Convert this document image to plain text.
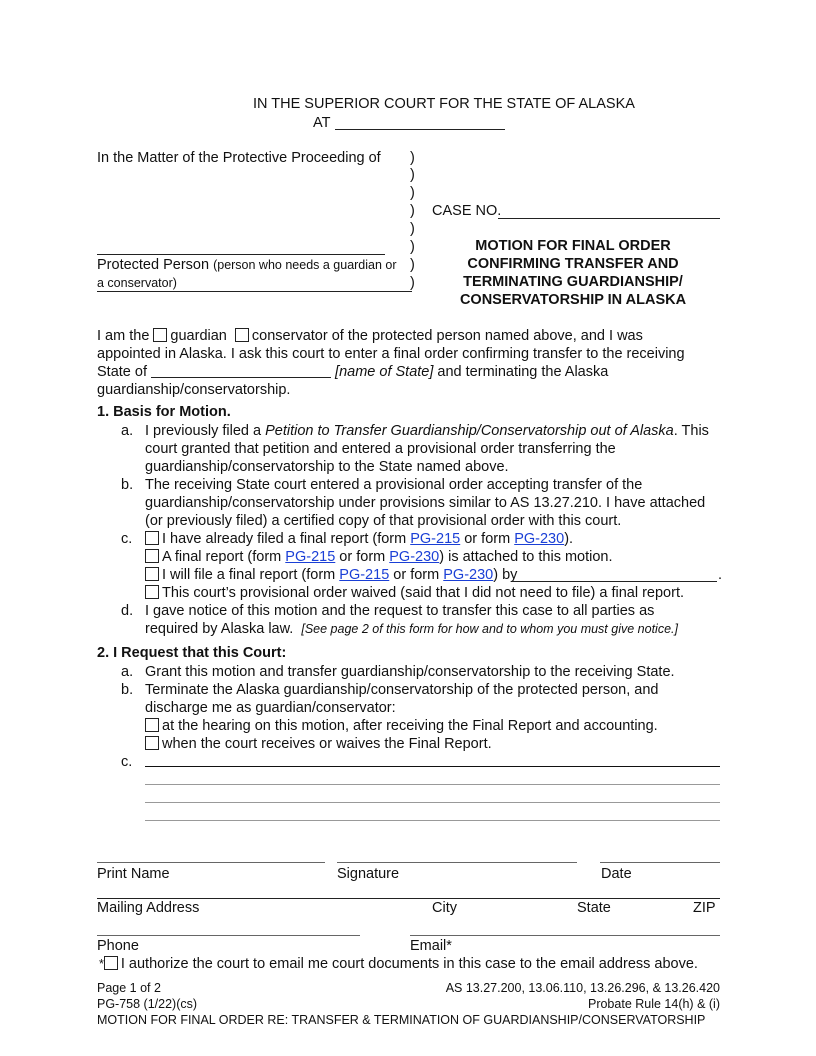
IN THE SUPERIOR COURT FOR THE STATE OF ALASKA
AT
In the Matter of the Protective Proceeding of )
)
)
)
)
)
)
)
Protected Person (person who needs a guardian or
a conservator)
CASE NO.
MOTION FOR FINAL ORDER
CONFIRMING TRANSFER AND
TERMINATING GUARDIANSHIP/
CONSERVATORSHIP IN ALASKA
I am the guardian conservator of the protected person named above, and I was
appointed in Alaska. I ask this court to enter a final order confirming transfer to the receiving
State of	[name of State] and terminating the Alaska
guardianship/conservatorship.
1. Basis for Motion.
a. I previously filed a Petition to Transfer Guardianship/Conservatorship out of Alaska. This
court granted that petition and entered a provisional order transferring the
guardianship/conservatorship to the State named above.
b. The receiving State court entered a provisional order accepting transfer of the
guardianship/conservatorship under provisions similar to AS 13.27.210. I have attached
(or previously filed) a certified copy of that provisional order with this court.
c.	I have already filed a final report (form PG-215 or form PG-230).
A final report (form PG-215 or form PG-230) is attached to this motion.
I will file a final report (form PG-215 or form PG-230) by	.
This court’s provisional order waived (said that I did not need to file) a final report.
d. I gave notice of this motion and the request to transfer this case to all parties as
required by Alaska law. [See page 2 of this form for how and to whom you must give notice.]
2. I Request that this Court:
a. Grant this motion and transfer guardianship/conservatorship to the receiving State.
b. Terminate the Alaska guardianship/conservatorship of the protected person, and
discharge me as guardian/conservator:
at the hearing on this motion, after receiving the Final Report and accounting.
when the court receives or waives the Final Report.
c.
Print Name	Signature	Date
Mailing Address	City	State	ZIP
Phone	Email*
* I authorize the court to email me court documents in this case to the email address above.
Page 1 of 2	AS 13.27.200, 13.06.110, 13.26.296, & 13.26.420
PG-758 (1/22)(cs)	Probate Rule 14(h) & (i)
MOTION FOR FINAL ORDER RE: TRANSFER & TERMINATION OF GUARDIANSHIP/CONSERVATORSHIP
